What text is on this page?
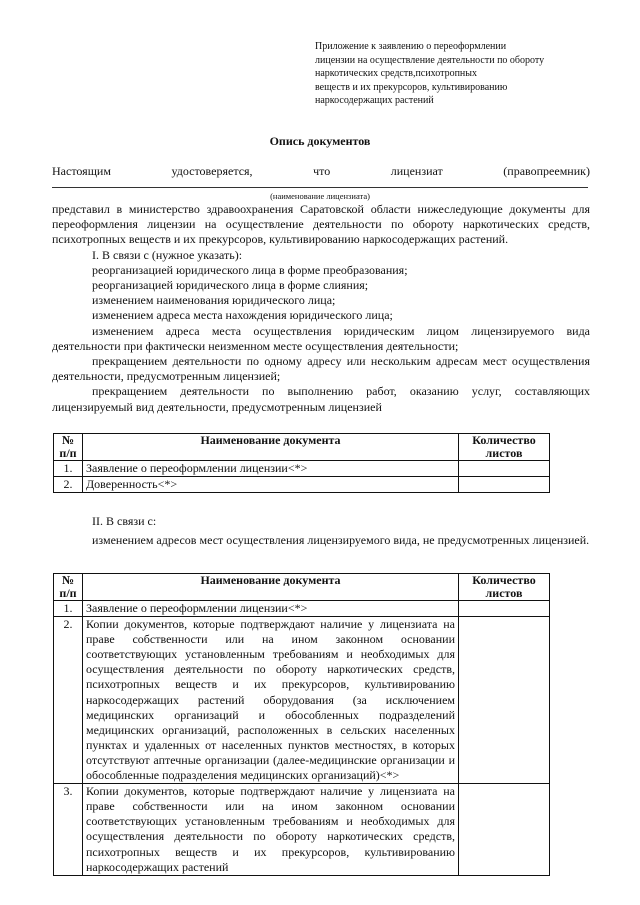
Приложение к заявлению о переоформлении
лицензии на осуществление деятельности по обороту
наркотических средств,психотропных
веществ и их прекурсоров, культивированию
наркосодержащих растений
Опись документов
Настоящим	удостоверяется,	что	лицензиат	(правопреемник)
(наименование лицензиата)

представил в министерство здравоохранения Саратовской области нижеследующие документы для переоформления лицензии на осуществление деятельности по обороту наркотических средств, психотропных веществ и их прекурсоров, культивированию наркосодержащих растений.

I. В связи с (нужное указать):

реорганизацией юридического лица в форме преобразования;

реорганизацией юридического лица в форме слияния;

изменением наименования юридического лица;

изменением адреса места нахождения юридического лица;

изменением адреса места осуществления юридическим лицом лицензируемого вида деятельности при фактически неизменном месте осуществления деятельности;

прекращением деятельности по одному адресу или нескольким адресам мест осуществления деятельности, предусмотренным лицензией;

прекращением деятельности по выполнению работ, оказанию услуг, составляющих лицензируемый вид деятельности, предусмотренным лицензией

№ п/п	Наименование документа	Количество листов
1.	Заявление о переоформлении лицензии<*>	
2.	Доверенность<*>	

II. В связи с:

изменением адресов мест осуществления лицензируемого вида, не предусмотренных лицензией.

№ п/п	Наименование документа	Количество листов
1.	Заявление о переоформлении лицензии<*>	
2.	Копии документов, которые подтверждают наличие у лицензиата на праве собственности или на ином законном основании соответствующих установленным требованиям и необходимых для осуществления деятельности по обороту наркотических средств, психотропных веществ и их прекурсоров, культивированию наркосодержащих растений оборудования (за исключением медицинских организаций и обособленных подразделений медицинских организаций, расположенных в сельских населенных пунктах и удаленных от населенных пунктов местностях, в которых отсутствуют аптечные организации (далее-медицинские организации и обособленные подразделения медицинских организаций)<*>	
3.	Копии документов, которые подтверждают наличие у лицензиата на праве собственности или на ином законном основании соответствующих установленным требованиям и необходимых для осуществления деятельности по обороту наркотических средств, психотропных веществ и их прекурсоров, культивированию наркосодержащих растений	
